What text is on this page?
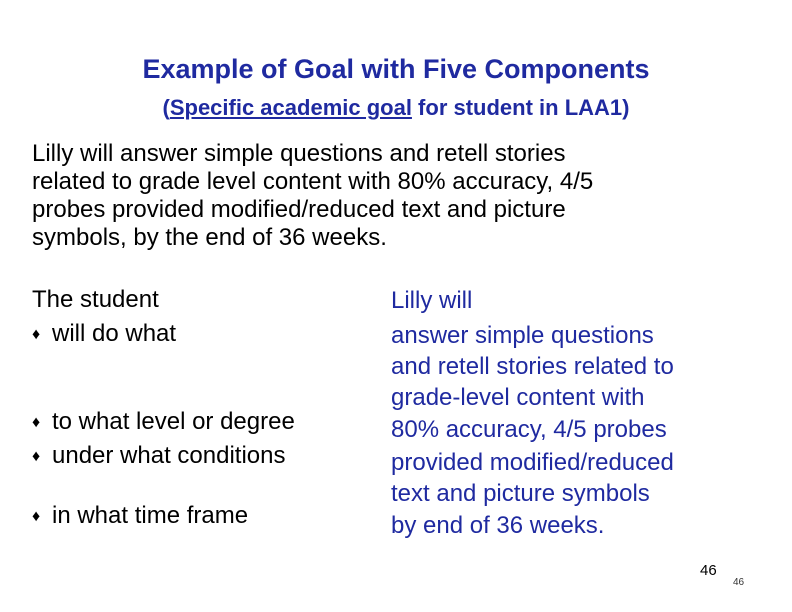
Example of Goal with Five Components
(Specific academic goal for student in LAA1)
Lilly will answer simple questions and retell stories
related to grade level content with 80% accuracy, 4/5
probes provided modified/reduced text and picture
symbols, by the end of 36 weeks.
The student
♦ will do what
♦ to what level or degree
♦ under what conditions
♦ in what time frame
Lilly will
answer simple questions
and retell stories related to
grade-level content with
80% accuracy, 4/5 probes
provided modified/reduced
text and picture symbols
by end of 36 weeks.
46
46
